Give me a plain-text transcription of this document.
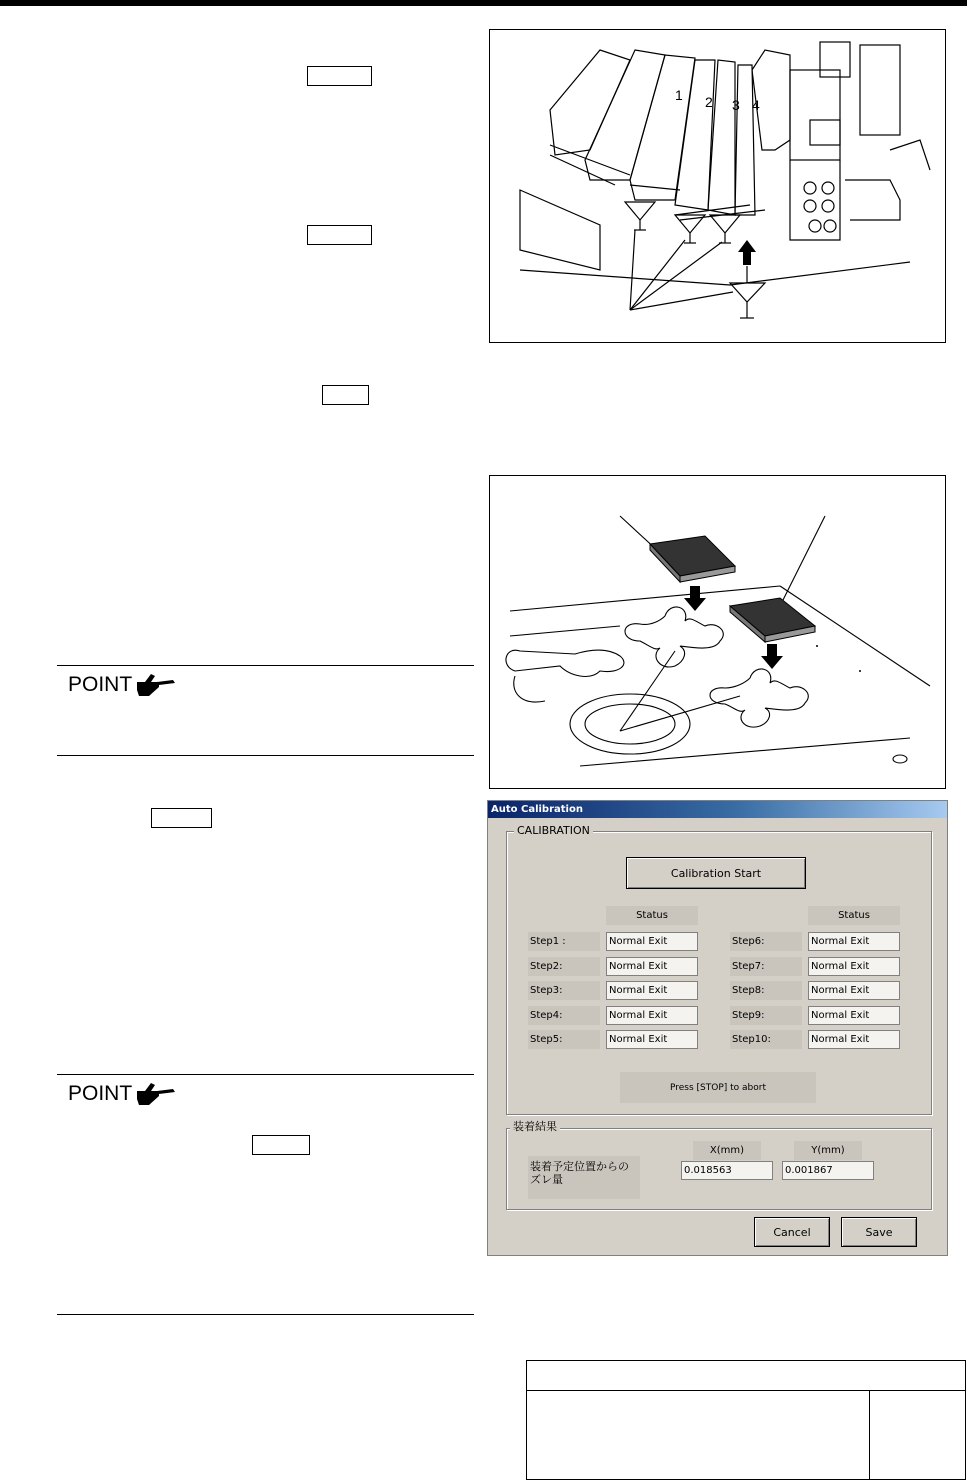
POINT
POINT
1 2 3 4
Auto Calibration
CALIBRATION
Calibration Start
Status	Status
Step1 :	Normal Exit
Step2:	Normal Exit
Step3:	Normal Exit
Step4:	Normal Exit
Step5:	Normal Exit
Step6:	Normal Exit
Step7:	Normal Exit
Step8:	Normal Exit
Step9:	Normal Exit
Step10:	Normal Exit
Press [STOP] to abort
装着結果
装着予定位置からの
ズレ量
X(mm)	Y(mm)
0.018563	0.001867
Cancel	Save
